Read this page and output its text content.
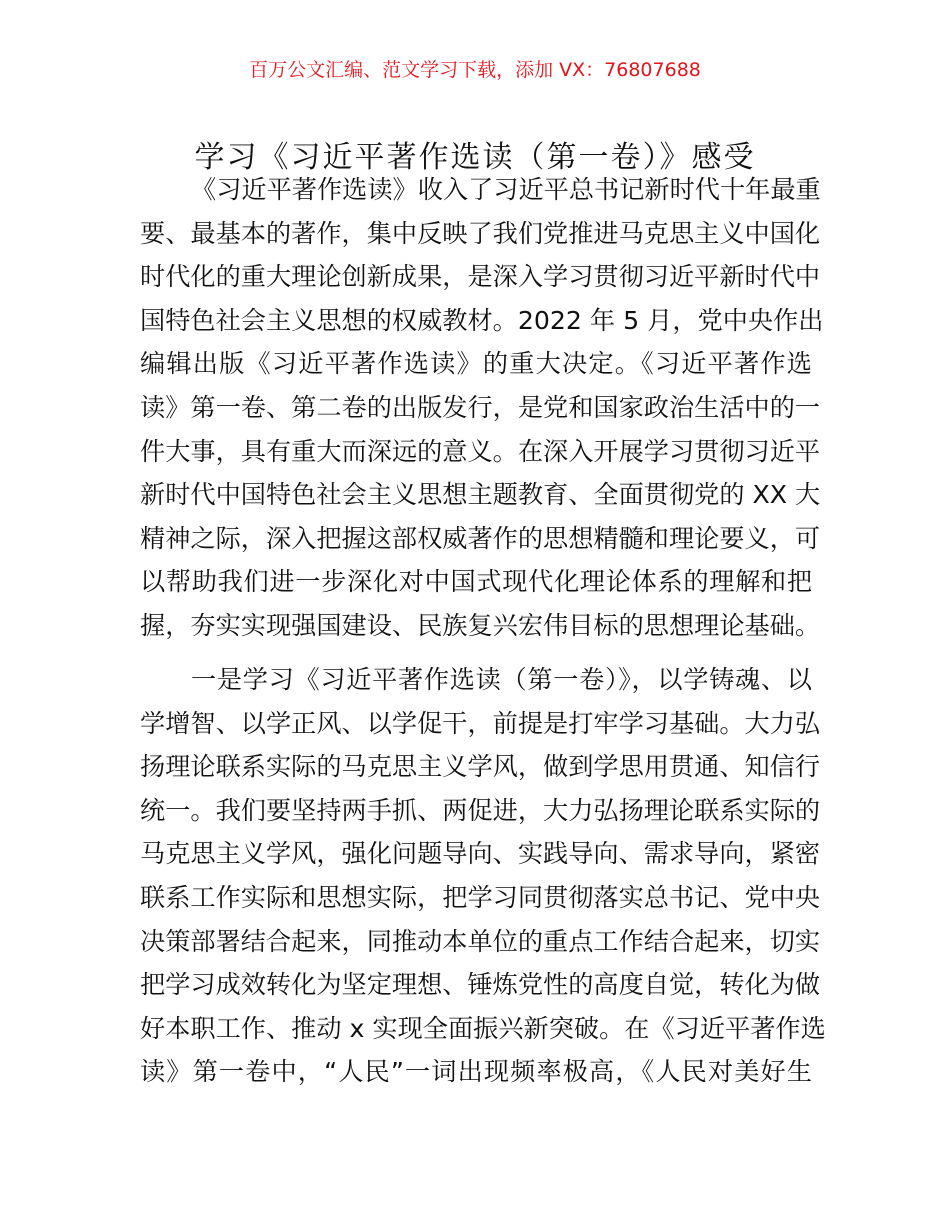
百万公文汇编、范文学习下载，添加 VX：76807688
学习《习近平著作选读（第一卷）》感受
《习近平著作选读》收入了习近平总书记新时代十年最重
要、最基本的著作，集中反映了我们党推进马克思主义中国化
时代化的重大理论创新成果，是深入学习贯彻习近平新时代中
国特色社会主义思想的权威教材。2022 年 5 月，党中央作出
编辑出版《习近平著作选读》的重大决定。《习近平著作选
读》第一卷、第二卷的出版发行，是党和国家政治生活中的一
件大事，具有重大而深远的意义。在深入开展学习贯彻习近平
新时代中国特色社会主义思想主题教育、全面贯彻党的 XX 大
精神之际，深入把握这部权威著作的思想精髓和理论要义，可
以帮助我们进一步深化对中国式现代化理论体系的理解和把
握，夯实实现强国建设、民族复兴宏伟目标的思想理论基础。
一是学习《习近平著作选读（第一卷）》，以学铸魂、以
学增智、以学正风、以学促干，前提是打牢学习基础。大力弘
扬理论联系实际的马克思主义学风，做到学思用贯通、知信行
统一。我们要坚持两手抓、两促进，大力弘扬理论联系实际的
马克思主义学风，强化问题导向、实践导向、需求导向，紧密
联系工作实际和思想实际，把学习同贯彻落实总书记、党中央
决策部署结合起来，同推动本单位的重点工作结合起来，切实
把学习成效转化为坚定理想、锤炼党性的高度自觉，转化为做
好本职工作、推动 x 实现全面振兴新突破。在《习近平著作选
读》第一卷中，“人民”一词出现频率极高，《人民对美好生
